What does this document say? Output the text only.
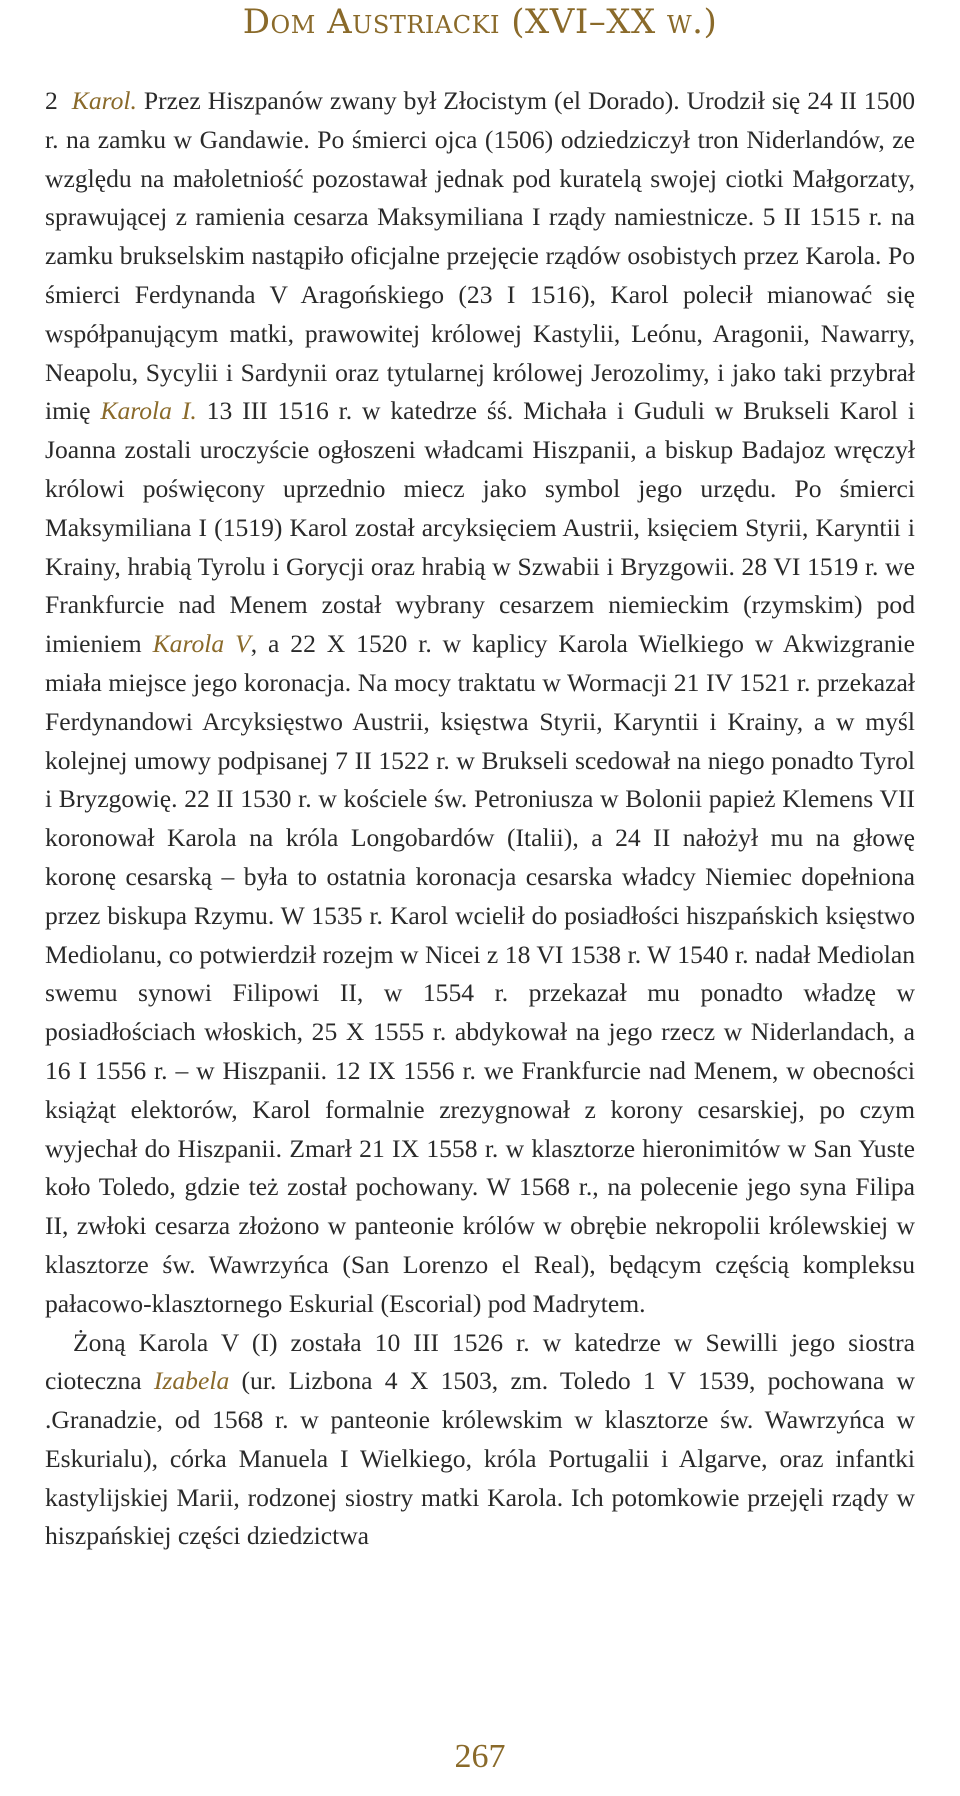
Dom Austriacki (XVI–XX w.)

2 Karol. Przez Hiszpanów zwany był Złocistym (el Dorado). Urodził się 24 II 1500 r. na zamku w Gandawie. Po śmierci ojca (1506) odziedziczył tron Niderlandów, ze względu na małoletniość pozostawał jednak pod kuratelą swojej ciotki Małgorzaty, sprawującej z ramienia cesarza Maksymiliana I rządy namiestnicze. 5 II 1515 r. na zamku brukselskim nastąpiło oficjalne przejęcie rządów osobistych przez Karola. Po śmierci Ferdynanda V Aragońskiego (23 I 1516), Karol polecił mianować się współpanującym matki, prawowitej królowej Kastylii, Leónu, Aragonii, Nawarry, Neapolu, Sycylii i Sardynii oraz tytularnej królowej Jerozolimy, i jako taki przybrał imię Karola I. 13 III 1516 r. w katedrze śś. Michała i Guduli w Brukseli Karol i Joanna zostali uroczyście ogłoszeni władcami Hiszpanii, a biskup Badajoz wręczył królowi poświęcony uprzednio miecz jako symbol jego urzędu. Po śmierci Maksymiliana I (1519) Karol został arcyksięciem Austrii, księciem Styrii, Karyntii i Krainy, hrabią Tyrolu i Gorycji oraz hrabią w Szwabii i Bryzgowii. 28 VI 1519 r. we Frankfurcie nad Menem został wybrany cesarzem niemieckim (rzymskim) pod imieniem Karola V, a 22 X 1520 r. w kaplicy Karola Wielkiego w Akwizgranie miała miejsce jego koronacja. Na mocy traktatu w Wormacji 21 IV 1521 r. przekazał Ferdynandowi Arcyksięstwo Austrii, księstwa Styrii, Karyntii i Krainy, a w myśl kolejnej umowy podpisanej 7 II 1522 r. w Brukseli scedował na niego ponadto Tyrol i Bryzgowię. 22 II 1530 r. w kościele św. Petroniusza w Bolonii papież Klemens VII koronował Karola na króla Longobardów (Italii), a 24 II nałożył mu na głowę koronę cesarską – była to ostatnia koronacja cesarska władcy Niemiec dopełniona przez biskupa Rzymu. W 1535 r. Karol wcielił do posiadłości hiszpańskich księstwo Mediolanu, co potwierdził rozejm w Nicei z 18 VI 1538 r. W 1540 r. nadał Mediolan swemu synowi Filipowi II, w 1554 r. przekazał mu ponadto władzę w posiadłościach włoskich, 25 X 1555 r. abdykował na jego rzecz w Niderlandach, a 16 I 1556 r. – w Hiszpanii. 12 IX 1556 r. we Frankfurcie nad Menem, w obecności książąt elektorów, Karol formalnie zrezygnował z korony cesarskiej, po czym wyjechał do Hiszpanii. Zmarł 21 IX 1558 r. w klasztorze hieronimitów w San Yuste koło Toledo, gdzie też został pochowany. W 1568 r., na polecenie jego syna Filipa II, zwłoki cesarza złożono w panteonie królów w obrębie nekropolii królewskiej w klasztorze św. Wawrzyńca (San Lorenzo el Real), będącym częścią kompleksu pałacowo-klasztornego Eskurial (Escorial) pod Madrytem.

Żoną Karola V (I) została 10 III 1526 r. w katedrze w Sewilli jego siostra cioteczna Izabela (ur. Lizbona 4 X 1503, zm. Toledo 1 V 1539, pochowana w .Granadzie, od 1568 r. w panteonie królewskim w klasztorze św. Wawrzyńca w Eskurialu), córka Manuela I Wielkiego, króla Portugalii i Algarve, oraz infantki kastylijskiej Marii, rodzonej siostry matki Karola. Ich potomkowie przejęli rządy w hiszpańskiej części dziedzictwa

267
